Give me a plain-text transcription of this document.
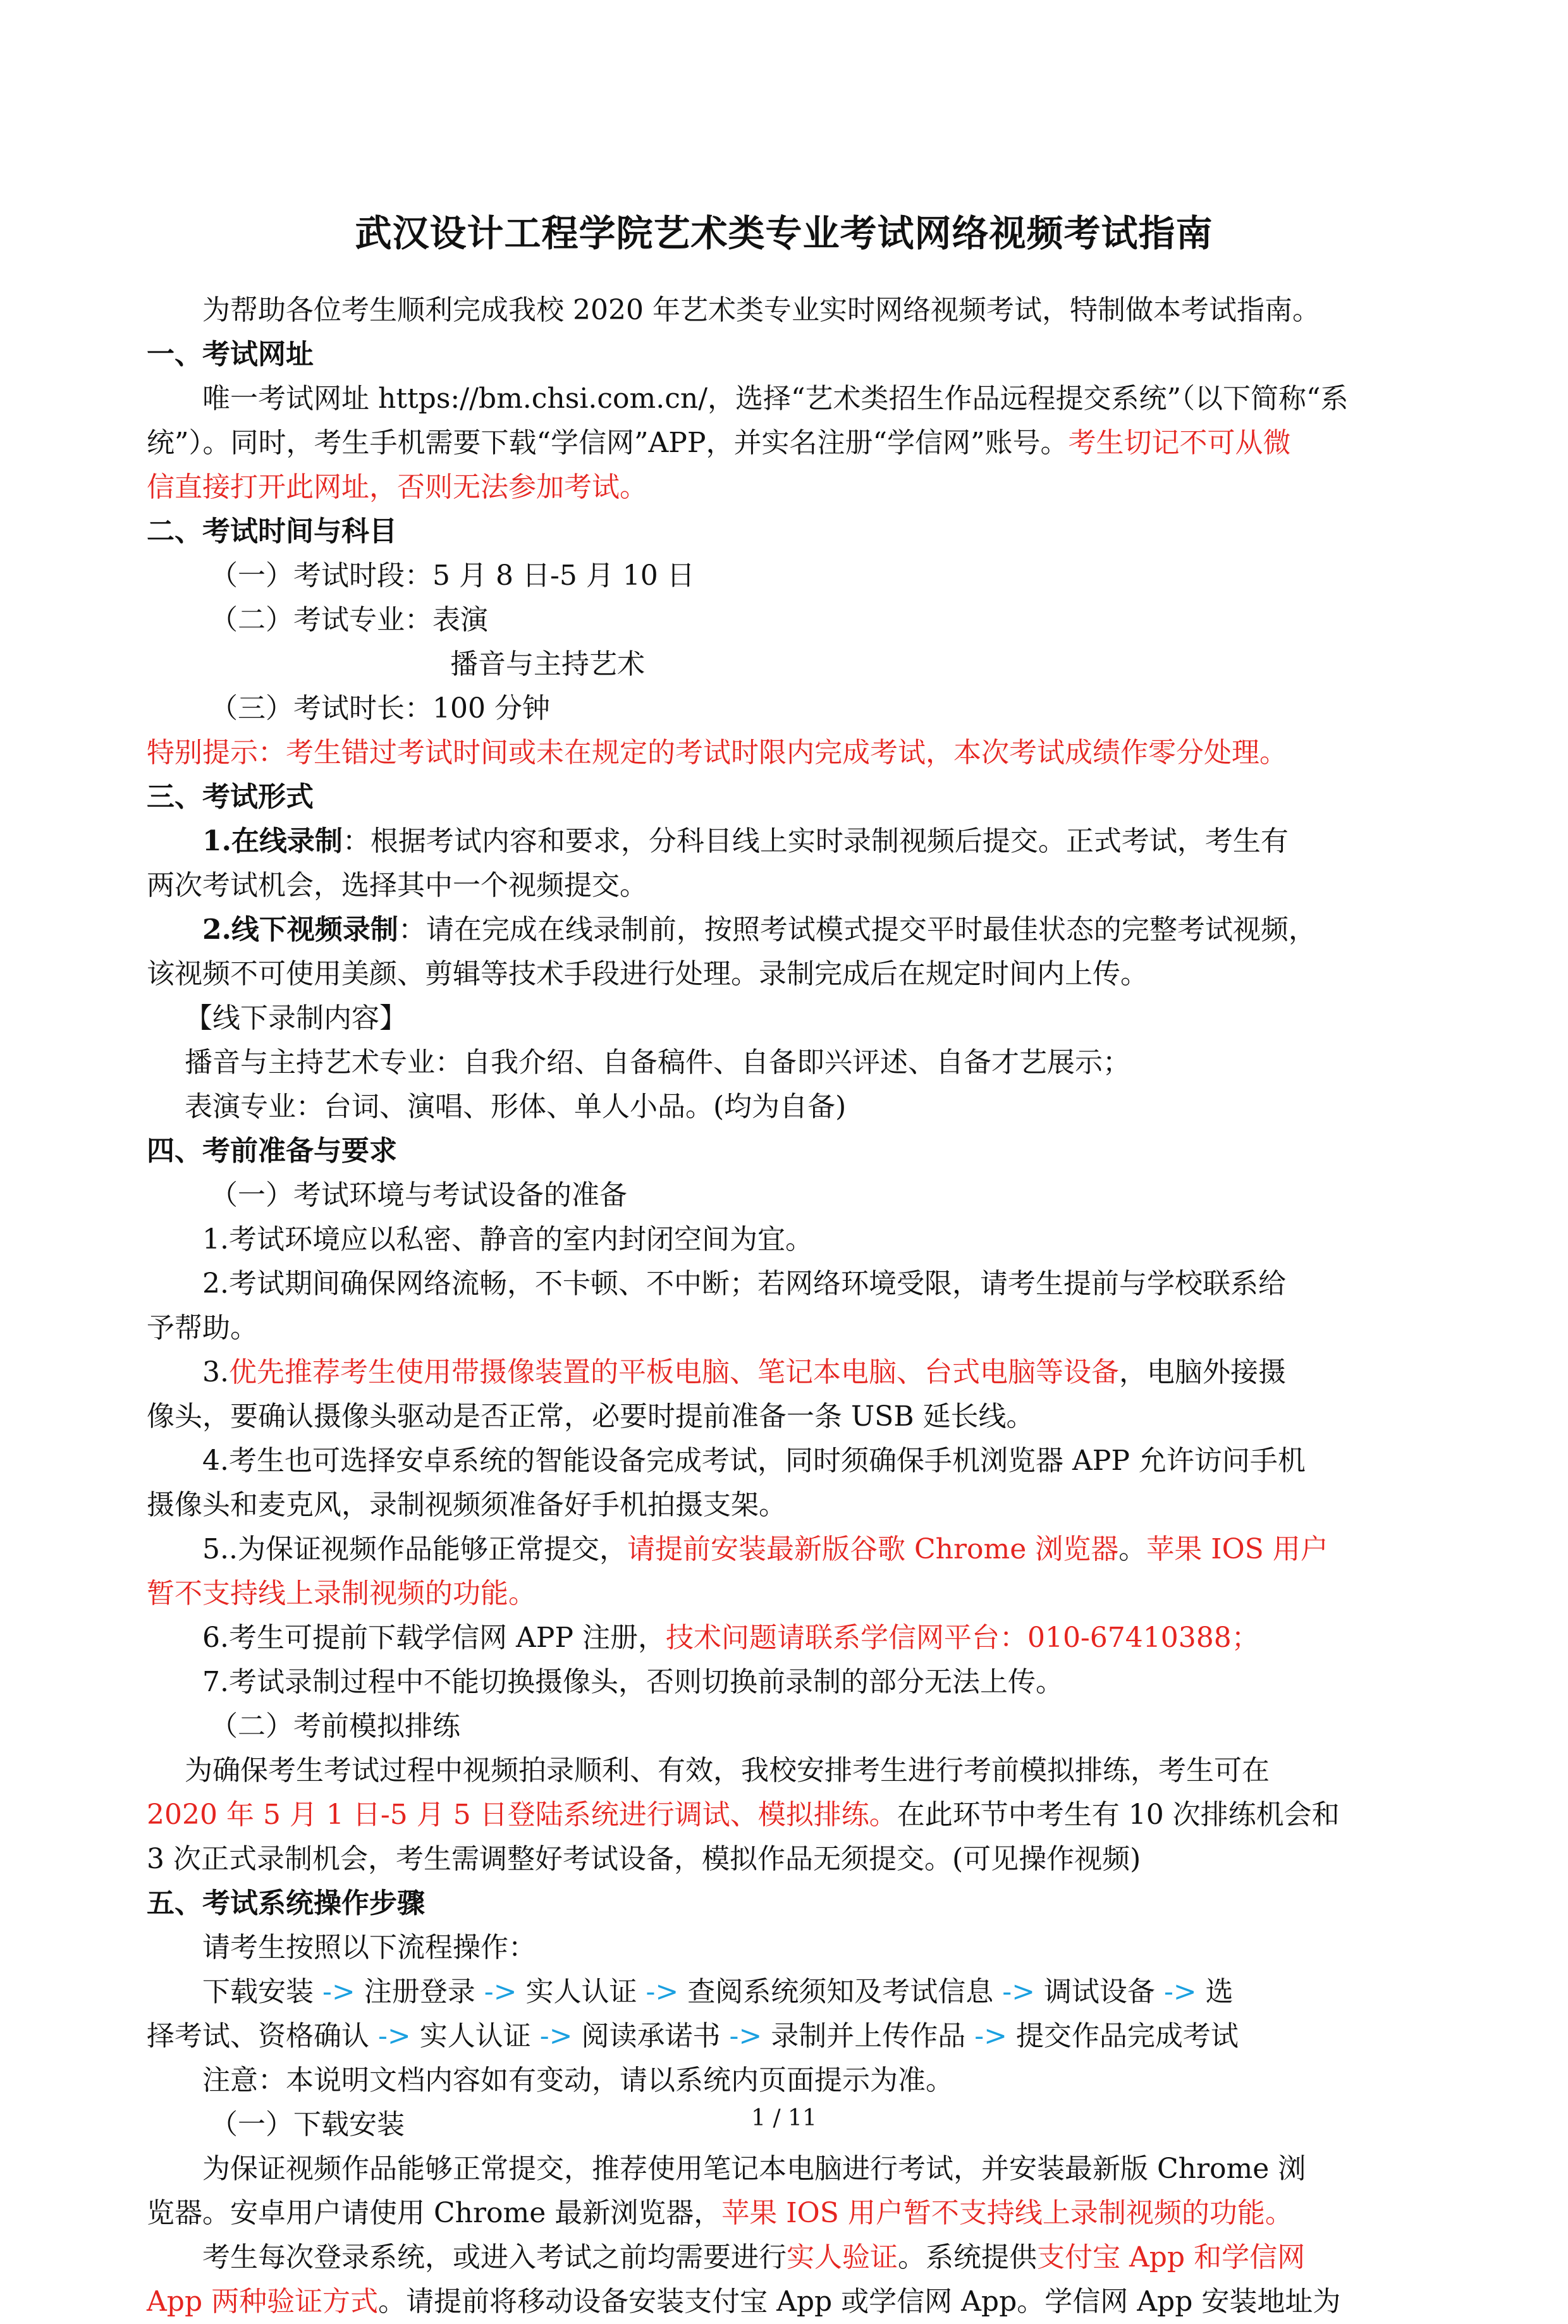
武汉设计工程学院艺术类专业考试网络视频考试指南

为帮助各位考生顺利完成我校 2020 年艺术类专业实时网络视频考试，特制做本考试指南。

一、考试网址

唯一考试网址 https://bm.chsi.com.cn/，选择“艺术类招生作品远程提交系统”（以下简称“系

统”）。同时，考生手机需要下载“学信网”APP，并实名注册“学信网”账号。考生切记不可从微

信直接打开此网址，否则无法参加考试。

二、考试时间与科目

（一）考试时段：5 月 8 日-5 月 10 日

（二）考试专业：表演

播音与主持艺术

（三）考试时长：100 分钟

特别提示：考生错过考试时间或未在规定的考试时限内完成考试，本次考试成绩作零分处理。

三、考试形式

1.在线录制：根据考试内容和要求，分科目线上实时录制视频后提交。正式考试，考生有

两次考试机会，选择其中一个视频提交。

2.线下视频录制：请在完成在线录制前，按照考试模式提交平时最佳状态的完整考试视频，

该视频不可使用美颜、剪辑等技术手段进行处理。录制完成后在规定时间内上传。

【线下录制内容】

播音与主持艺术专业：自我介绍、自备稿件、自备即兴评述、自备才艺展示；

表演专业：台词、演唱、形体、单人小品。(均为自备)

四、考前准备与要求

（一）考试环境与考试设备的准备

1.考试环境应以私密、静音的室内封闭空间为宜。

2.考试期间确保网络流畅，不卡顿、不中断；若网络环境受限，请考生提前与学校联系给

予帮助。

3.优先推荐考生使用带摄像装置的平板电脑、笔记本电脑、台式电脑等设备，电脑外接摄

像头，要确认摄像头驱动是否正常，必要时提前准备一条 USB 延长线。

4.考生也可选择安卓系统的智能设备完成考试，同时须确保手机浏览器 APP 允许访问手机

摄像头和麦克风，录制视频须准备好手机拍摄支架。

5..为保证视频作品能够正常提交，请提前安装最新版谷歌 Chrome 浏览器。苹果 IOS 用户

暂不支持线上录制视频的功能。

6.考生可提前下载学信网 APP 注册，技术问题请联系学信网平台：010-67410388；

7.考试录制过程中不能切换摄像头，否则切换前录制的部分无法上传。

（二）考前模拟排练

为确保考生考试过程中视频拍录顺利、有效，我校安排考生进行考前模拟排练，考生可在

2020 年 5 月 1 日-5 月 5 日登陆系统进行调试、模拟排练。在此环节中考生有 10 次排练机会和

3 次正式录制机会，考生需调整好考试设备，模拟作品无须提交。(可见操作视频)

五、考试系统操作步骤

请考生按照以下流程操作：

下载安装 -> 注册登录 -> 实人认证 -> 查阅系统须知及考试信息 -> 调试设备 -> 选

择考试、资格确认 -> 实人认证 -> 阅读承诺书 -> 录制并上传作品 -> 提交作品完成考试

注意：本说明文档内容如有变动，请以系统内页面提示为准。

（一）下载安装

为保证视频作品能够正常提交，推荐使用笔记本电脑进行考试，并安装最新版 Chrome 浏

览器。安卓用户请使用 Chrome 最新浏览器，苹果 IOS 用户暂不支持线上录制视频的功能。

考生每次登录系统，或进入考试之前均需要进行实人验证。系统提供支付宝 App 和学信网

App 两种验证方式。请提前将移动设备安装支付宝 App 或学信网 App。学信网 App 安装地址为

1 / 11
